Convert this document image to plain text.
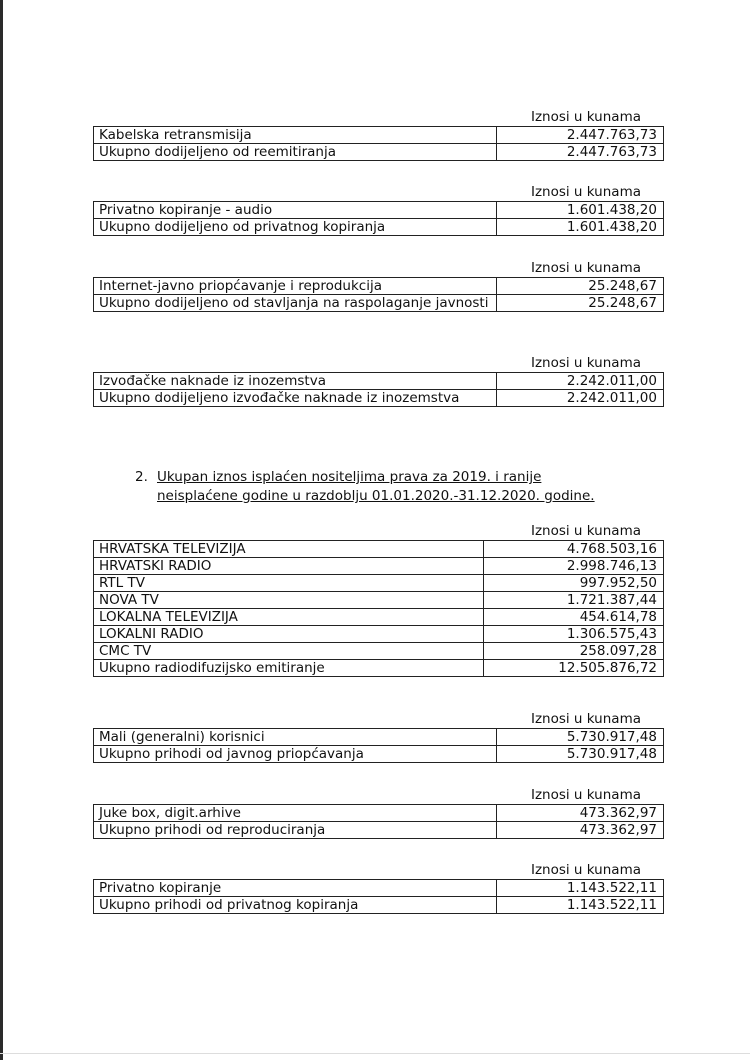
Iznosi u kunama
Kabelska retransmisija	2.447.763,73
Ukupno dodijeljeno od reemitiranja	2.447.763,73
Iznosi u kunama
Privatno kopiranje - audio	1.601.438,20
Ukupno dodijeljeno od privatnog kopiranja	1.601.438,20
Iznosi u kunama
Internet-javno priopćavanje i reprodukcija	25.248,67
Ukupno dodijeljeno od stavljanja na raspolaganje javnosti	25.248,67
Iznosi u kunama
Izvođačke naknade iz inozemstva	2.242.011,00
Ukupno dodijeljeno izvođačke naknade iz inozemstva	2.242.011,00
2. Ukupan iznos isplaćen nositeljima prava za 2019. i ranije
neisplaćene godine u razdoblju 01.01.2020.-31.12.2020. godine.
Iznosi u kunama
HRVATSKA TELEVIZIJA	4.768.503,16
HRVATSKI RADIO	2.998.746,13
RTL TV	997.952,50
NOVA TV	1.721.387,44
LOKALNA TELEVIZIJA	454.614,78
LOKALNI RADIO	1.306.575,43
CMC TV	258.097,28
Ukupno radiodifuzijsko emitiranje	12.505.876,72
Iznosi u kunama
Mali (generalni) korisnici	5.730.917,48
Ukupno prihodi od javnog priopćavanja	5.730.917,48
Iznosi u kunama
Juke box, digit.arhive	473.362,97
Ukupno prihodi od reproduciranja	473.362,97
Iznosi u kunama
Privatno kopiranje	1.143.522,11
Ukupno prihodi od privatnog kopiranja	1.143.522,11
